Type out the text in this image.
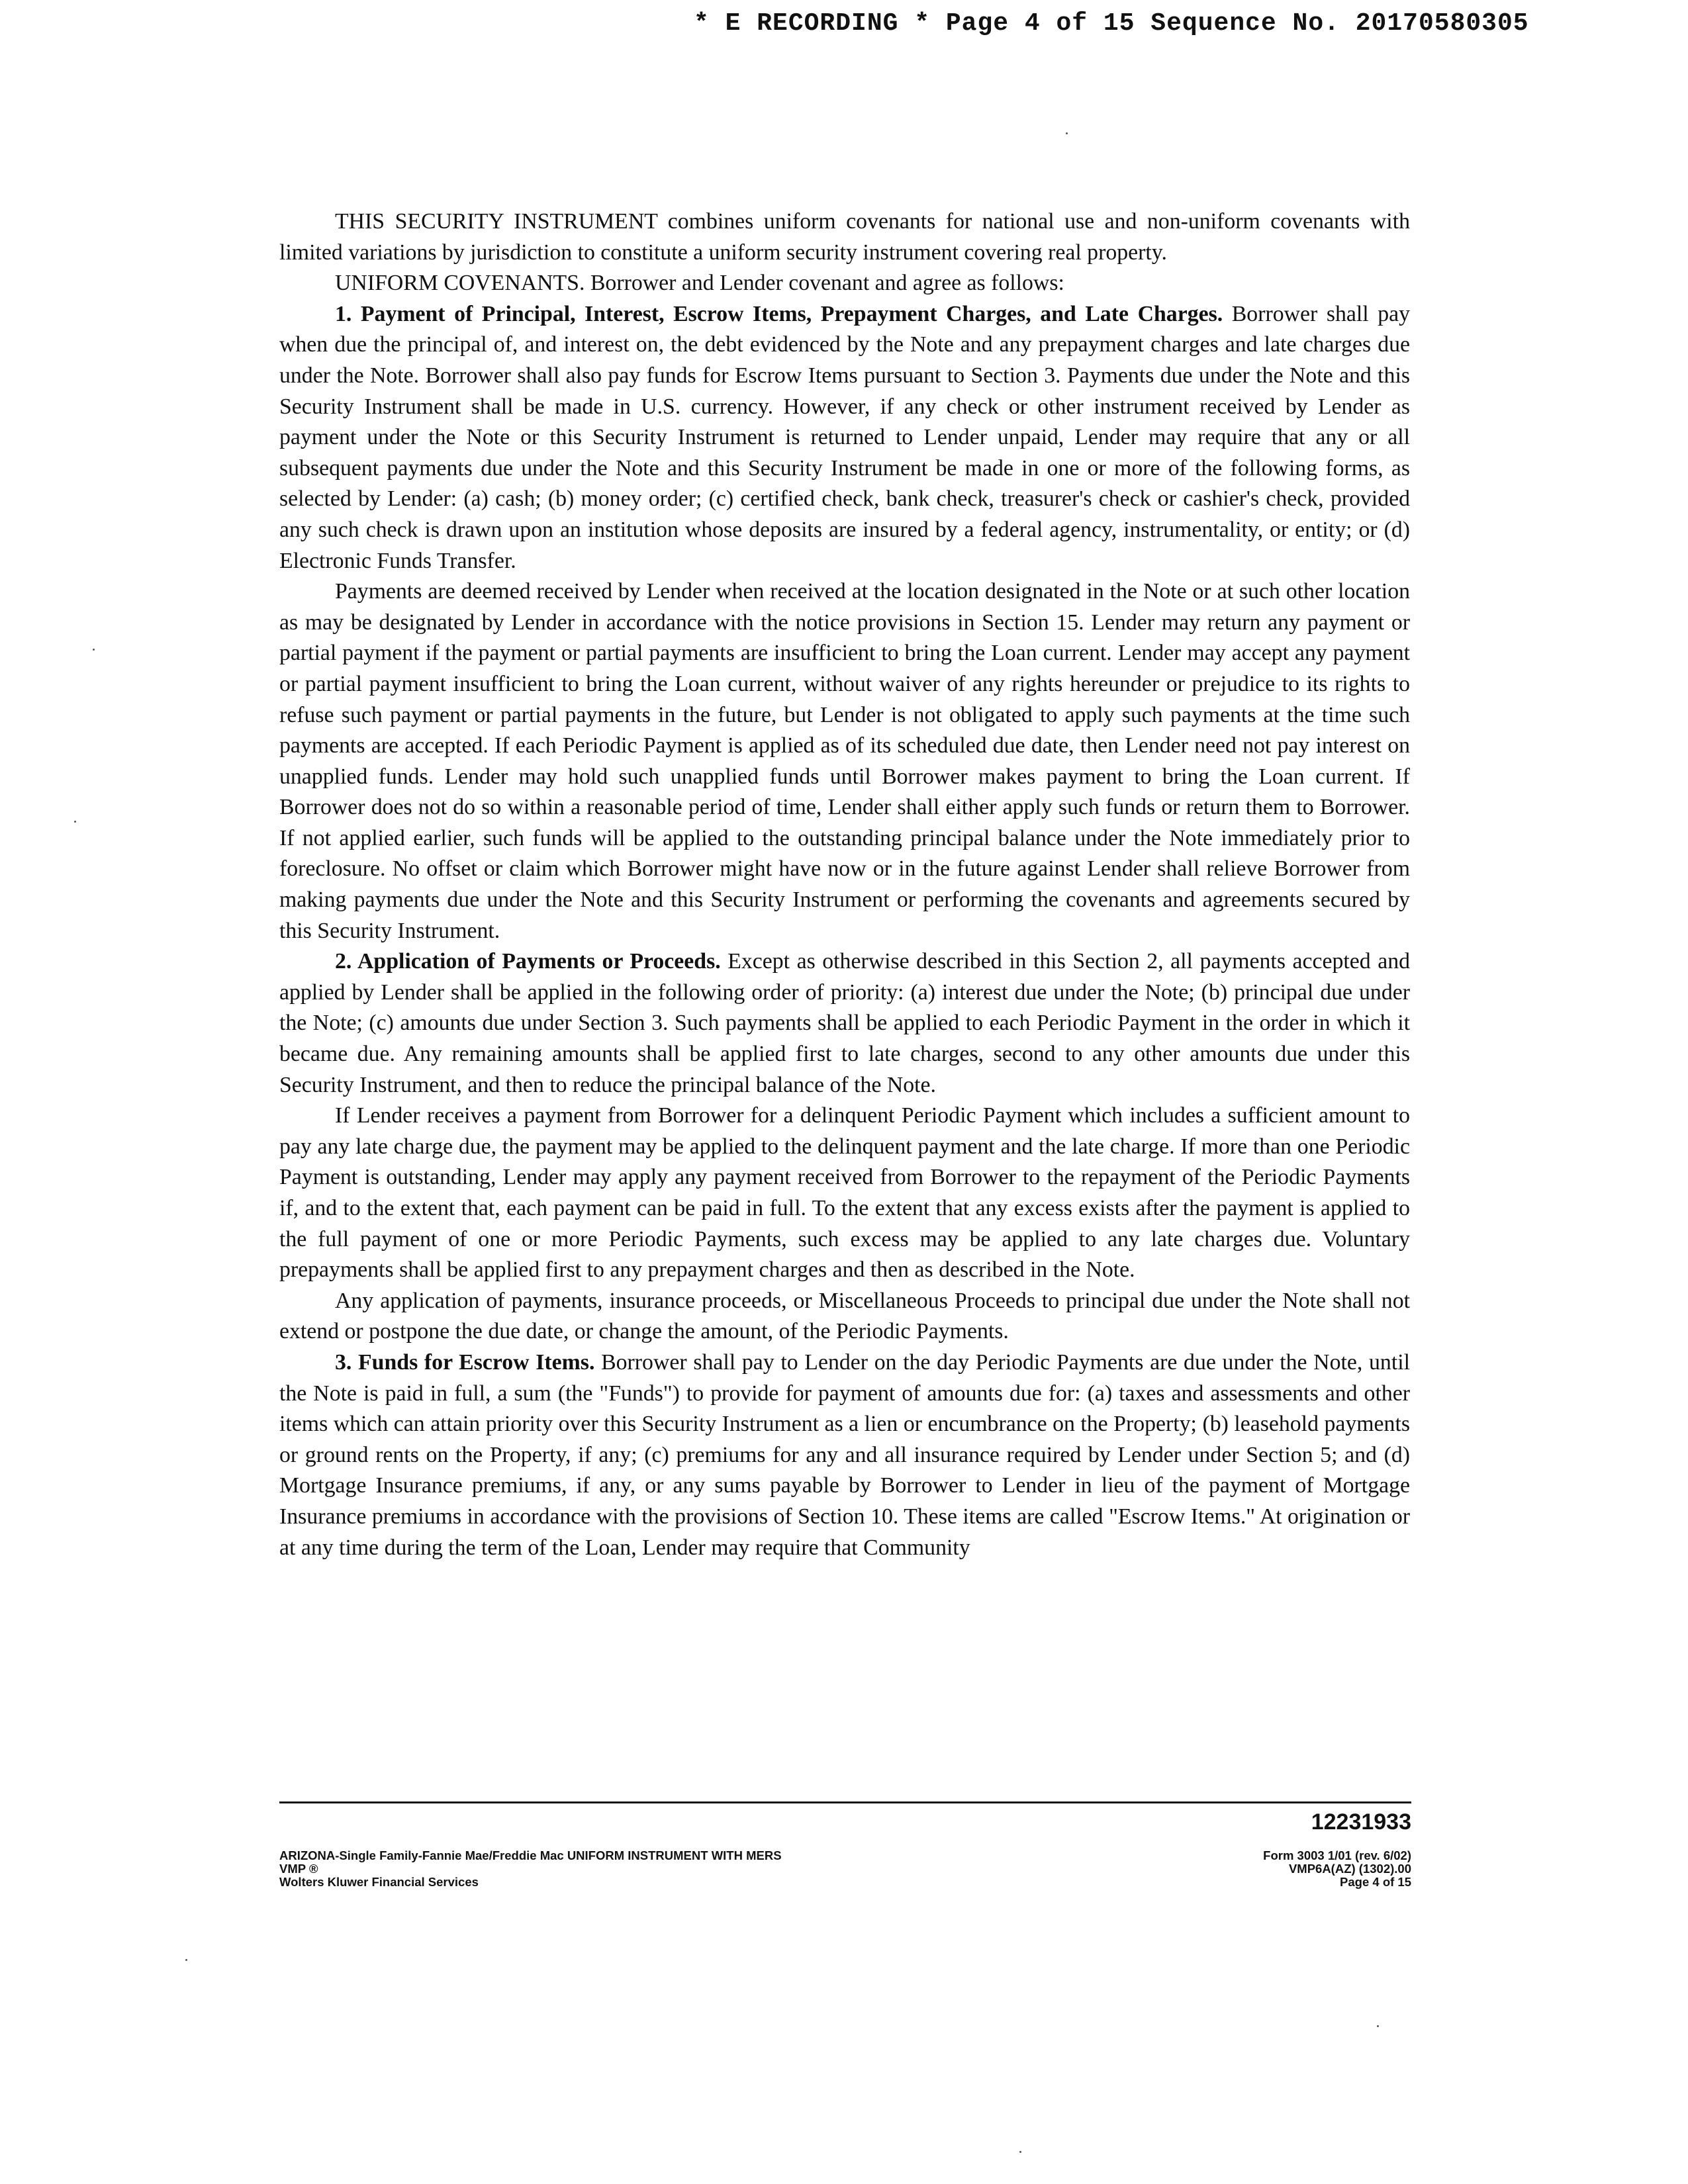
* E RECORDING * Page 4 of 15 Sequence No. 20170580305

THIS SECURITY INSTRUMENT combines uniform covenants for national use and non-uniform covenants with limited variations by jurisdiction to constitute a uniform security instrument covering real property.

UNIFORM COVENANTS. Borrower and Lender covenant and agree as follows:

1. Payment of Principal, Interest, Escrow Items, Prepayment Charges, and Late Charges. Borrower shall pay when due the principal of, and interest on, the debt evidenced by the Note and any prepayment charges and late charges due under the Note. Borrower shall also pay funds for Escrow Items pursuant to Section 3. Payments due under the Note and this Security Instrument shall be made in U.S. currency. However, if any check or other instrument received by Lender as payment under the Note or this Security Instrument is returned to Lender unpaid, Lender may require that any or all subsequent payments due under the Note and this Security Instrument be made in one or more of the following forms, as selected by Lender: (a) cash; (b) money order; (c) certified check, bank check, treasurer's check or cashier's check, provided any such check is drawn upon an institution whose deposits are insured by a federal agency, instrumentality, or entity; or (d) Electronic Funds Transfer.

Payments are deemed received by Lender when received at the location designated in the Note or at such other location as may be designated by Lender in accordance with the notice provisions in Section 15. Lender may return any payment or partial payment if the payment or partial payments are insufficient to bring the Loan current. Lender may accept any payment or partial payment insufficient to bring the Loan current, without waiver of any rights hereunder or prejudice to its rights to refuse such payment or partial payments in the future, but Lender is not obligated to apply such payments at the time such payments are accepted. If each Periodic Payment is applied as of its scheduled due date, then Lender need not pay interest on unapplied funds. Lender may hold such unapplied funds until Borrower makes payment to bring the Loan current. If Borrower does not do so within a reasonable period of time, Lender shall either apply such funds or return them to Borrower. If not applied earlier, such funds will be applied to the outstanding principal balance under the Note immediately prior to foreclosure. No offset or claim which Borrower might have now or in the future against Lender shall relieve Borrower from making payments due under the Note and this Security Instrument or performing the covenants and agreements secured by this Security Instrument.

2. Application of Payments or Proceeds. Except as otherwise described in this Section 2, all payments accepted and applied by Lender shall be applied in the following order of priority: (a) interest due under the Note; (b) principal due under the Note; (c) amounts due under Section 3. Such payments shall be applied to each Periodic Payment in the order in which it became due. Any remaining amounts shall be applied first to late charges, second to any other amounts due under this Security Instrument, and then to reduce the principal balance of the Note.

If Lender receives a payment from Borrower for a delinquent Periodic Payment which includes a sufficient amount to pay any late charge due, the payment may be applied to the delinquent payment and the late charge. If more than one Periodic Payment is outstanding, Lender may apply any payment received from Borrower to the repayment of the Periodic Payments if, and to the extent that, each payment can be paid in full. To the extent that any excess exists after the payment is applied to the full payment of one or more Periodic Payments, such excess may be applied to any late charges due. Voluntary prepayments shall be applied first to any prepayment charges and then as described in the Note.

Any application of payments, insurance proceeds, or Miscellaneous Proceeds to principal due under the Note shall not extend or postpone the due date, or change the amount, of the Periodic Payments.

3. Funds for Escrow Items. Borrower shall pay to Lender on the day Periodic Payments are due under the Note, until the Note is paid in full, a sum (the "Funds") to provide for payment of amounts due for: (a) taxes and assessments and other items which can attain priority over this Security Instrument as a lien or encumbrance on the Property; (b) leasehold payments or ground rents on the Property, if any; (c) premiums for any and all insurance required by Lender under Section 5; and (d) Mortgage Insurance premiums, if any, or any sums payable by Borrower to Lender in lieu of the payment of Mortgage Insurance premiums in accordance with the provisions of Section 10. These items are called "Escrow Items." At origination or at any time during the term of the Loan, Lender may require that Community

12231933
ARIZONA-Single Family-Fannie Mae/Freddie Mac UNIFORM INSTRUMENT WITH MERS
VMP ®
Wolters Kluwer Financial Services
Form 3003 1/01 (rev. 6/02)
VMP6A(AZ) (1302).00
Page 4 of 15
